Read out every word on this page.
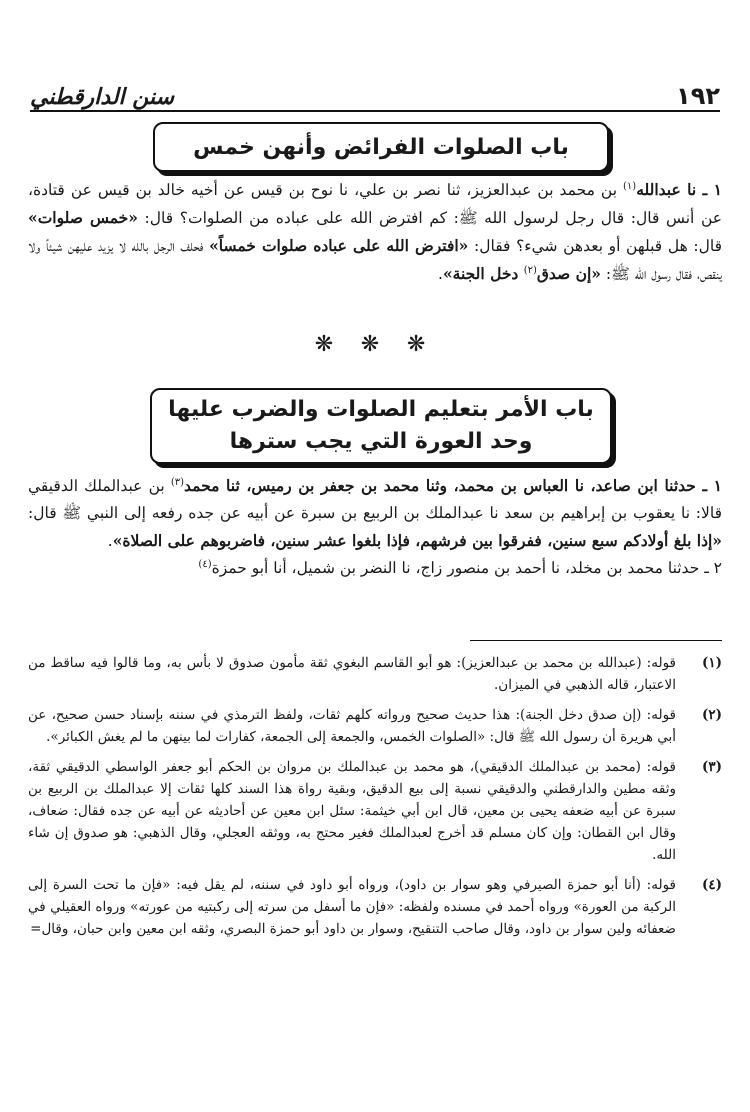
١٩٢
سنن الدارقطني
باب الصلوات الفرائض وأنهن خمس

١ ـ نا عبدالله$^{(١)}$ بن محمد بن عبدالعزيز، ثنا نصر بن علي، نا نوح بن قيس عن أخيه خالد بن قيس عن قتادة، عن أنس قال: قال رجل لرسول الله ﷺ: كم افترض الله على عباده من الصلوات؟ قال: «خمس صلوات» قال: هل قبلهن أو بعدهن شيء؟ فقال: «افترض الله على عباده صلوات خمساً» فحلف الرجل بالله لا يزيد عليهن شيئاً ولا ينقص، فقال رسول الله ﷺ: «إن صدق$^{(٢)}$ دخل الجنة».

❋ ❋ ❋
باب الأمر بتعليم الصلوات والضرب عليها
وحد العورة التي يجب سترها

١ ـ حدثنا ابن صاعد، نا العباس بن محمد، وثنا محمد بن جعفر بن رميس، ثنا محمد$^{(٣)}$ بن عبدالملك الدقيقي قالا: نا يعقوب بن إبراهيم بن سعد نا عبدالملك بن الربيع بن سبرة عن أبيه عن جده رفعه إلى النبي ﷺ قال: «إذا بلغ أولادكم سبع سنين، ففرقوا بين فرشهم، فإذا بلغوا عشر سنين، فاضربوهم على الصلاة».

٢ ـ حدثنا محمد بن مخلد، نا أحمد بن منصور زاج، نا النضر بن شميل، أنا أبو حمزة$^{(٤)}$

(١)
قوله: (عبدالله بن محمد بن عبدالعزيز): هو أبو القاسم البغوي ثقة مأمون صدوق لا بأس به، وما قالوا فيه ساقط من الاعتبار، قاله الذهبي في الميزان.
(٢)
قوله: (إن صدق دخل الجنة): هذا حديث صحيح ورواته كلهم ثقات، ولفظ الترمذي في سننه بإسناد حسن صحيح، عن أبي هريرة أن رسول الله ﷺ قال: «الصلوات الخمس، والجمعة إلى الجمعة، كفارات لما بينهن ما لم يغش الكبائر».
(٣)
قوله: (محمد بن عبدالملك الدقيقي)، هو محمد بن عبدالملك بن مروان بن الحكم أبو جعفر الواسطي الدقيقي ثقة، وثقه مطين والدارقطني والدقيقي نسبة إلى بيع الدقيق، وبقية رواة هذا السند كلها ثقات إلا عبدالملك بن الربيع بن سبرة عن أبيه ضعفه يحيى بن معين، قال ابن أبي خيثمة: سئل ابن معين عن أحاديثه عن أبيه عن جده فقال: ضعاف، وقال ابن القطان: وإن كان مسلم قد أخرج لعبدالملك فغير محتج به، ووثقه العجلي، وقال الذهبي: هو صدوق إن شاء الله.
(٤)
قوله: (أنا أبو حمزة الصيرفي وهو سوار بن داود)، ورواه أبو داود في سننه، لم يقل فيه: «فإن ما تحت السرة إلى الركبة من العورة» ورواه أحمد في مسنده ولفظه: «فإن ما أسفل من سرته إلى ركبتيه من عورته» ورواه العقيلي في ضعفائه ولين سوار بن داود، وقال صاحب التنقيح، وسوار بن داود أبو حمزة البصري، وثقه ابن معين وابن حبان، وقال=
